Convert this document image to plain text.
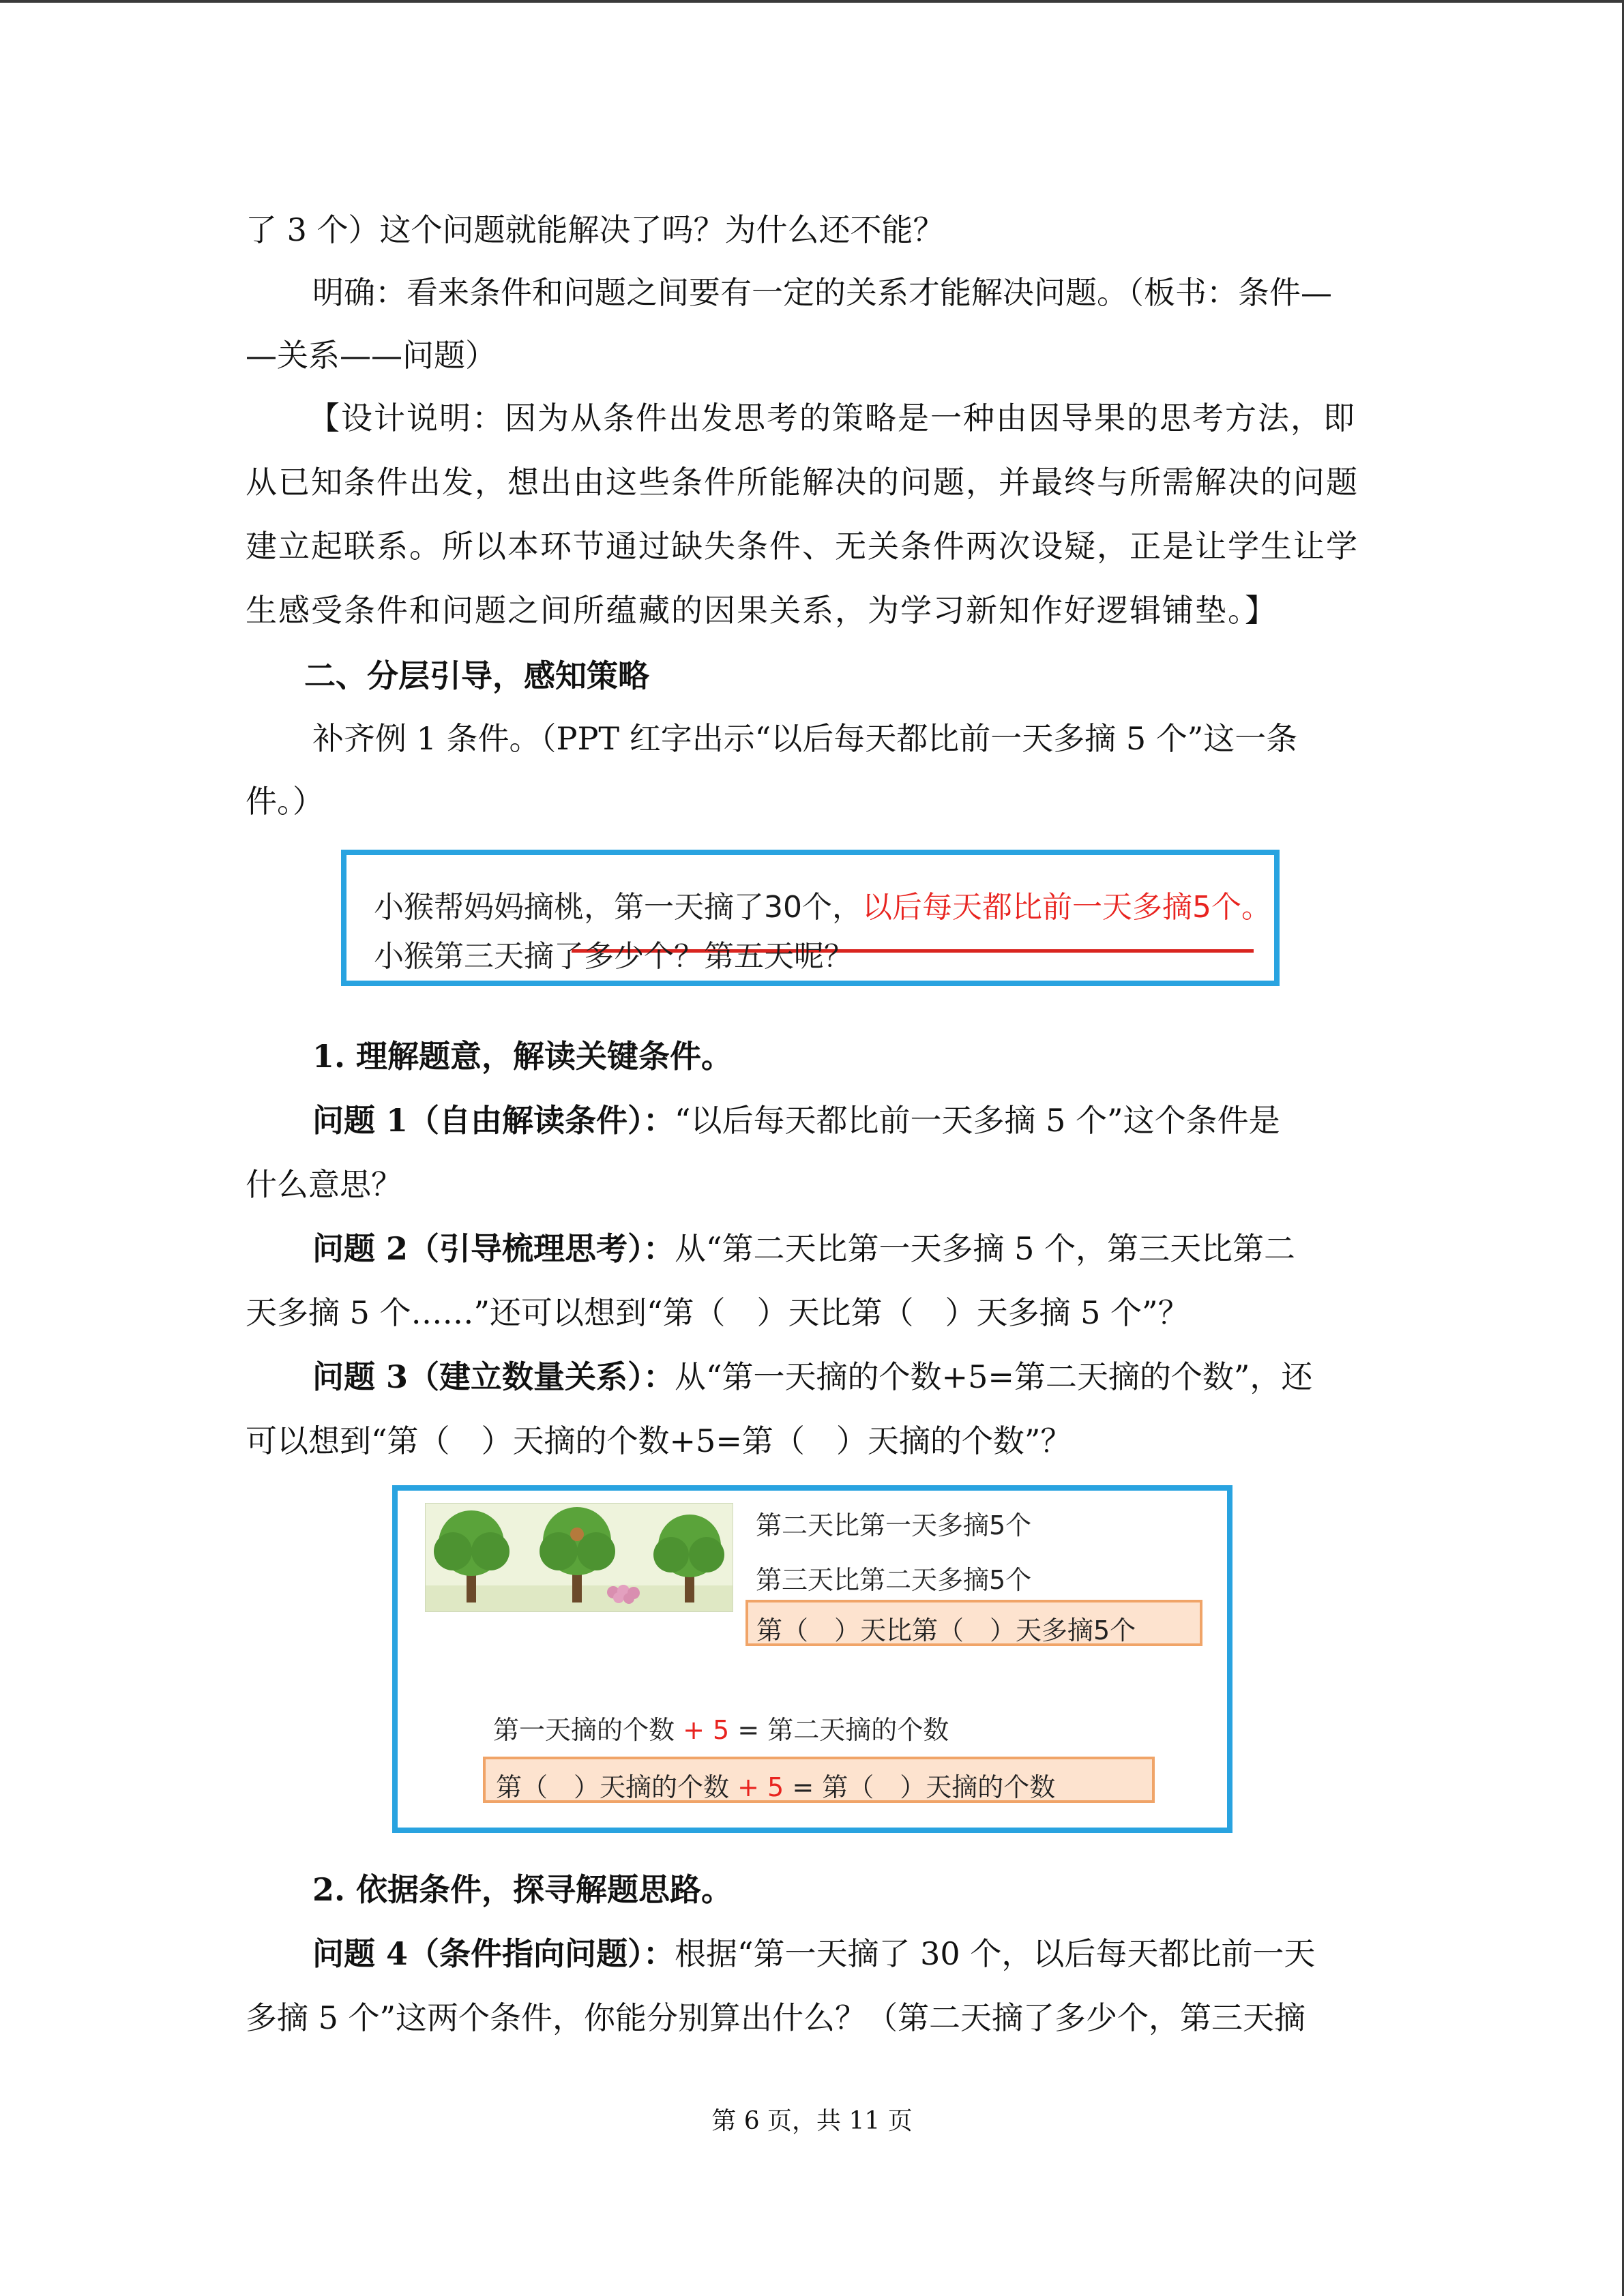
了 3 个）这个问题就能解决了吗？为什么还不能？

明确：看来条件和问题之间要有一定的关系才能解决问题。（板书：条件—

—关系——问题）

【设计说明：因为从条件出发思考的策略是一种由因导果的思考方法，即

从已知条件出发，想出由这些条件所能解决的问题，并最终与所需解决的问题

建立起联系。所以本环节通过缺失条件、无关条件两次设疑，正是让学生让学

生感受条件和问题之间所蕴藏的因果关系，为学习新知作好逻辑铺垫。】

二、分层引导，感知策略

补齐例 1 条件。（PPT 红字出示“以后每天都比前一天多摘 5 个”这一条

件。）

小猴帮妈妈摘桃，第一天摘了30个，以后每天都比前一天多摘5个。
小猴第三天摘了多少个？第五天呢？

1. 理解题意，解读关键条件。

问题 1（自由解读条件）：“以后每天都比前一天多摘 5 个”这个条件是

什么意思？

问题 2（引导梳理思考）：从“第二天比第一天多摘 5 个，第三天比第二

天多摘 5 个……”还可以想到“第（　）天比第（　）天多摘 5 个”？

问题 3（建立数量关系）：从“第一天摘的个数+5=第二天摘的个数”，还

可以想到“第（　）天摘的个数+5=第（　）天摘的个数”？

第二天比第一天多摘5个
第三天比第二天多摘5个
第（　）天比第（　）天多摘5个
第一天摘的个数 + 5 = 第二天摘的个数
第（　）天摘的个数 + 5 = 第（　）天摘的个数

2. 依据条件，探寻解题思路。

问题 4（条件指向问题）：根据“第一天摘了 30 个，以后每天都比前一天

多摘 5 个”这两个条件，你能分别算出什么？（第二天摘了多少个，第三天摘

第 6 页，共 11 页
